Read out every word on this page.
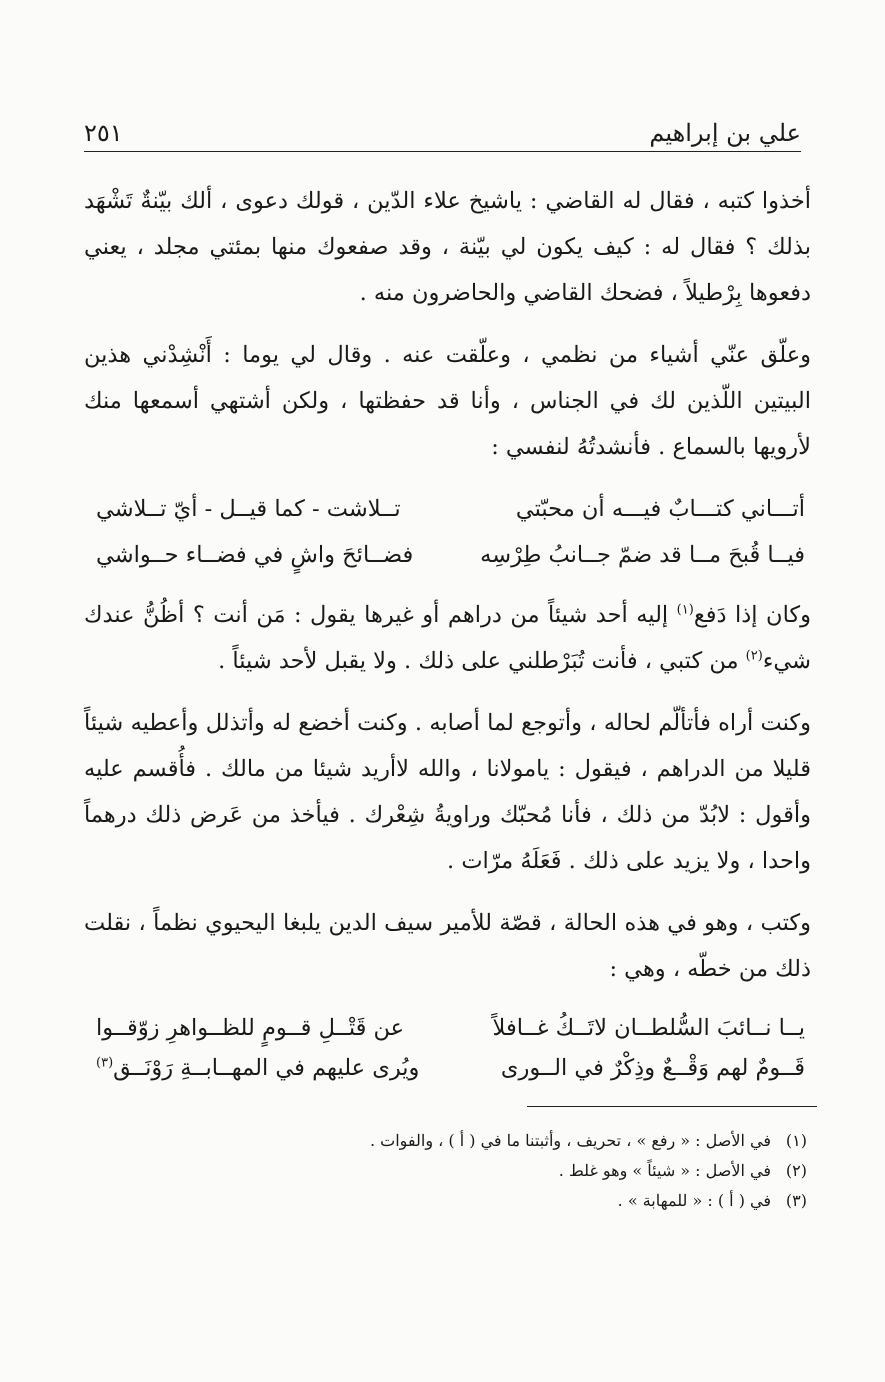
علي بن إبراهيم
٢٥١

أخذوا كتبه ، فقال له القاضي : ياشيخ علاء الدّين ، قولك دعوى ، ألك بيّنةٌ تَشْهَد بذلك ؟ فقال له : كيف يكون لي بيّنة ، وقد صفعوك منها بمئتي مجلد ، يعني دفعوها بِرْطيلاً ، فضحك القاضي والحاضرون منه .

وعلّق عنّي أشياء من نظمي ، وعلّقت عنه . وقال لي يوما : أَنْشِدْني هذين البيتين اللّذين لك في الجناس ، وأنا قد حفظتها ، ولكن أشتهي أسمعها منك لأرويها بالسماع . فأنشدتُهُ لنفسي :

أتـــاني كتـــابٌ فيـــه أن محبّتي
تــلاشت - كما قيــل - أيّ تــلاشي
فيــا قُبحَ مــا قد ضمّ جــانبُ طِرْسِه
فضــائحَ واشٍ في فضــاء حــواشي

وكان إذا دَفع$^{(١)}$ إليه أحد شيئاً من دراهم أو غيرها يقول : مَن أنت ؟ أظُنُّ عندك شيء$^{(٢)}$ من كتبي ، فأنت تُبَرْطلني على ذلك . ولا يقبل لأحد شيئاً .

وكنت أراه فأتألّم لحاله ، وأتوجع لما أصابه . وكنت أخضع له وأتذلل وأعطيه شيئاً قليلا من الدراهم ، فيقول : يامولانا ، والله لاأريد شيئا من مالك . فأُقسم عليه وأقول : لابُدّ من ذلك ، فأنا مُحبّك وراويةُ شِعْرك . فيأخذ من عَرض ذلك درهماً واحدا ، ولا يزيد على ذلك . فَعَلَهُ مرّات .

وكتب ، وهو في هذه الحالة ، قصّة للأمير سيف الدين يلبغا اليحيوي نظماً ، نقلت ذلك من خطّه ، وهي :

يــا نــائبَ السُّلطــان لاتَــكُ غــافلاً
عن قَتْــلِ قــومٍ للظــواهرِ زوّقــوا
قَــومٌ لهم وَقْــعٌ وذِكْرٌ في الــورى
ويُرى عليهم في المهــابــةِ رَوْنَــق$^{(٣)}$
(١)
في الأصل : « رفع » ، تحريف ، وأثبتنا ما في ( أ ) ، والفوات .
(٢)
في الأصل : « شيئاً » وهو غلط .
(٣)
في ( أ ) : « للمهابة » .
